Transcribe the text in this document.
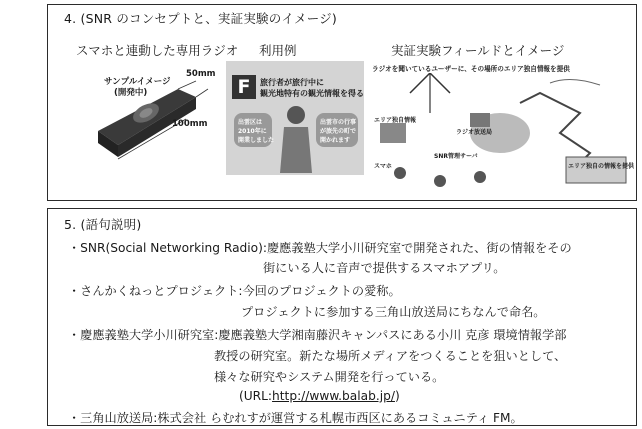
4. (SNR のコンセプトと、実証実験のイメージ)
スマホと連動した専用ラジオ 利用例	実証実験フィールドとイメージ
サンプルイメージ
(開発中)
50mm
100mm
F	旅行者が旅行中に
観光地特有の観光情報を得る
出雲区は
2010年に
開業しました
出雲市の行事
が旅先の町で
開かれます
ラジオを聞いているユーザーに、その場所のエリア独自情報を提供
エリア独自情報
ラジオ放送局
SNR管理サーバ
スマホ	エリア独自の情報を提供
5. (語句説明)
・SNR(Social Networking Radio):慶應義塾大学小川研究室で開発された、街の情報をその
街にいる人に音声で提供するスマホアプリ。
・さんかくねっとプロジェクト:今回のプロジェクトの愛称。
プロジェクトに参加する三角山放送局にちなんで命名。
・慶應義塾大学小川研究室:慶應義塾大学湘南藤沢キャンパスにある小川 克彦 環境情報学部
教授の研究室。新たな場所メディアをつくることを狙いとして、
様々な研究やシステム開発を行っている。
(URL:http://www.balab.jp/)
・三角山放送局:株式会社 らむれすが運営する札幌市西区にあるコミュニティ FM。
